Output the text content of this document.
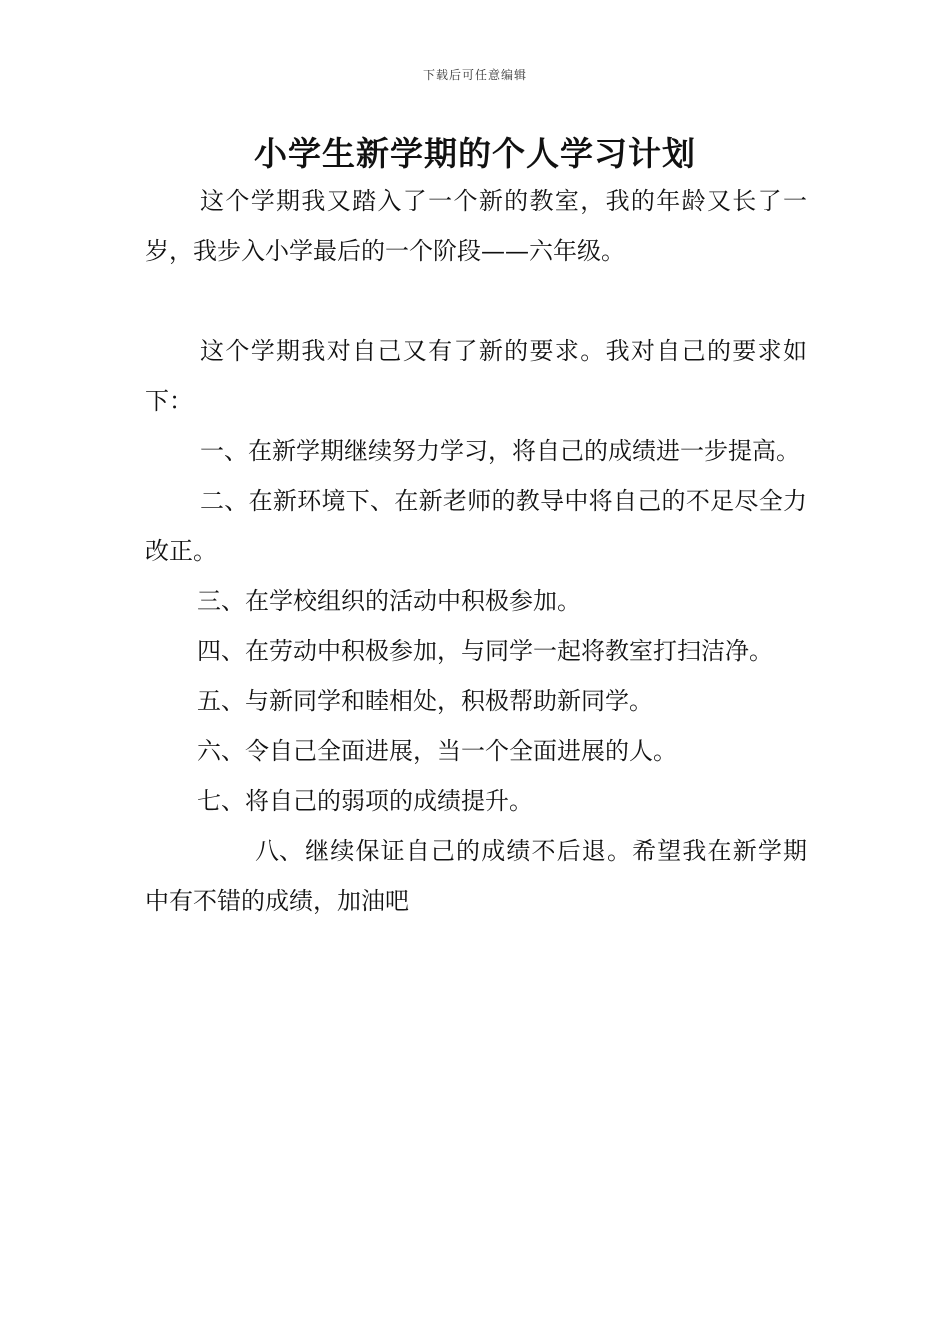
下载后可任意编辑
小学生新学期的个人学习计划

这个学期我又踏入了一个新的教室，我的年龄又长了一岁，我步入小学最后的一个阶段——六年级。

这个学期我对自己又有了新的要求。我对自己的要求如下：

一、在新学期继续努力学习，将自己的成绩进一步提高。

二、在新环境下、在新老师的教导中将自己的不足尽全力改正。

三、在学校组织的活动中积极参加。

四、在劳动中积极参加，与同学一起将教室打扫洁净。

五、与新同学和睦相处，积极帮助新同学。

六、令自己全面进展，当一个全面进展的人。

七、将自己的弱项的成绩提升。

八、继续保证自己的成绩不后退。希望我在新学期中有不错的成绩，加油吧
